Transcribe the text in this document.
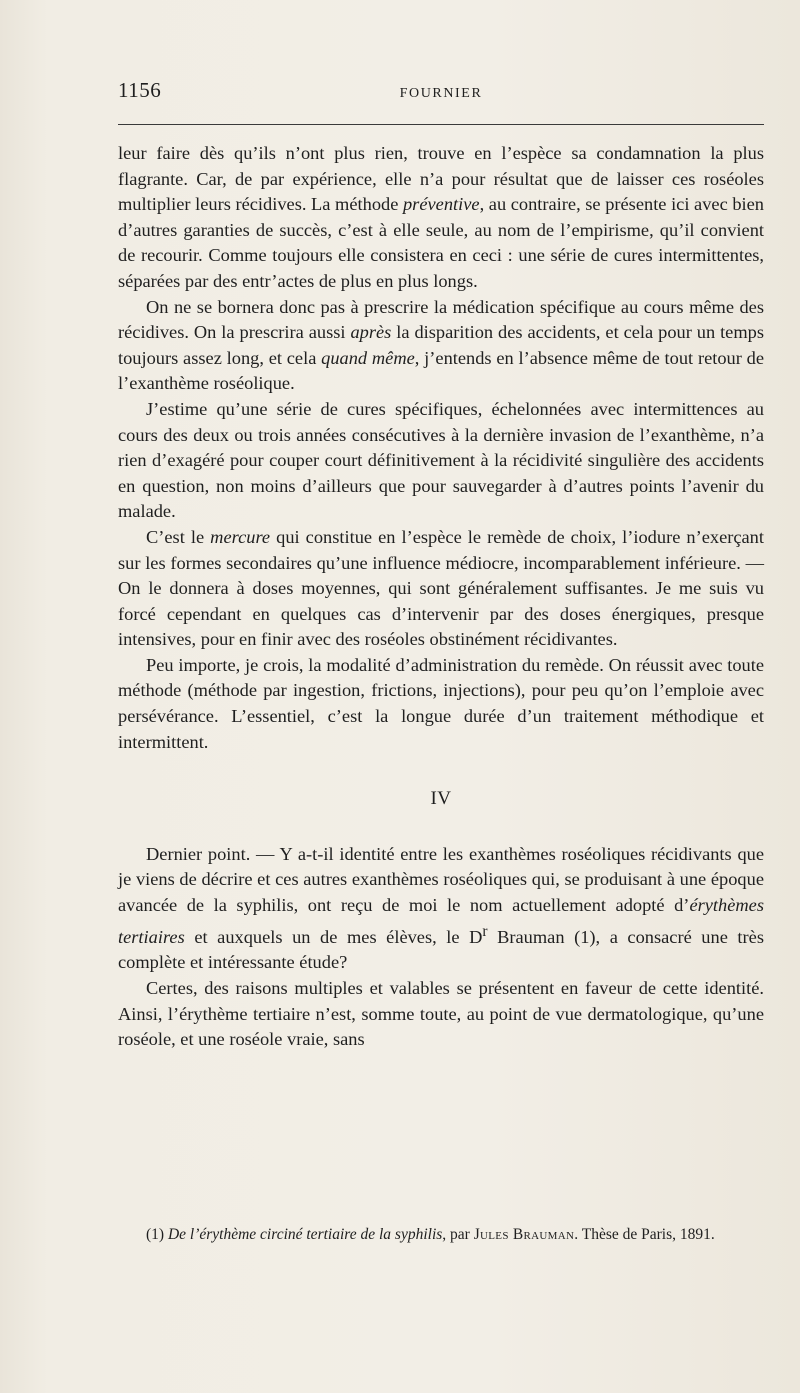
1156	FOURNIER

leur faire dès qu’ils n’ont plus rien, trouve en l’espèce sa condamnation la plus flagrante. Car, de par expérience, elle n’a pour résultat que de laisser ces roséoles multiplier leurs récidives. La méthode préventive, au contraire, se présente ici avec bien d’autres garanties de succès, c’est à elle seule, au nom de l’empirisme, qu’il convient de recourir. Comme toujours elle consistera en ceci : une série de cures intermittentes, séparées par des entr’actes de plus en plus longs.

On ne se bornera donc pas à prescrire la médication spécifique au cours même des récidives. On la prescrira aussi après la disparition des accidents, et cela pour un temps toujours assez long, et cela quand même, j’entends en l’absence même de tout retour de l’exanthème roséolique.

J’estime qu’une série de cures spécifiques, échelonnées avec intermittences au cours des deux ou trois années consécutives à la dernière invasion de l’exanthème, n’a rien d’exagéré pour couper court définitivement à la récidivité singulière des accidents en question, non moins d’ailleurs que pour sauvegarder à d’autres points l’avenir du malade.

C’est le mercure qui constitue en l’espèce le remède de choix, l’iodure n’exerçant sur les formes secondaires qu’une influence médiocre, incomparablement inférieure. — On le donnera à doses moyennes, qui sont généralement suffisantes. Je me suis vu forcé cependant en quelques cas d’intervenir par des doses énergiques, presque intensives, pour en finir avec des roséoles obstinément récidivantes.

Peu importe, je crois, la modalité d’administration du remède. On réussit avec toute méthode (méthode par ingestion, frictions, injections), pour peu qu’on l’emploie avec persévérance. L’essentiel, c’est la longue durée d’un traitement méthodique et intermittent.

IV

Dernier point. — Y a-t-il identité entre les exanthèmes roséoliques récidivants que je viens de décrire et ces autres exanthèmes roséoliques qui, se produisant à une époque avancée de la syphilis, ont reçu de moi le nom actuellement adopté d’érythèmes tertiaires et auxquels un de mes élèves, le $D^r$ Brauman (1), a consacré une très complète et intéressante étude?

Certes, des raisons multiples et valables se présentent en faveur de cette identité. Ainsi, l’érythème tertiaire n’est, somme toute, au point de vue dermatologique, qu’une roséole, et une roséole vraie, sans

(1) De l’érythème circiné tertiaire de la syphilis, par Jules Brauman. Thèse de Paris, 1891.
